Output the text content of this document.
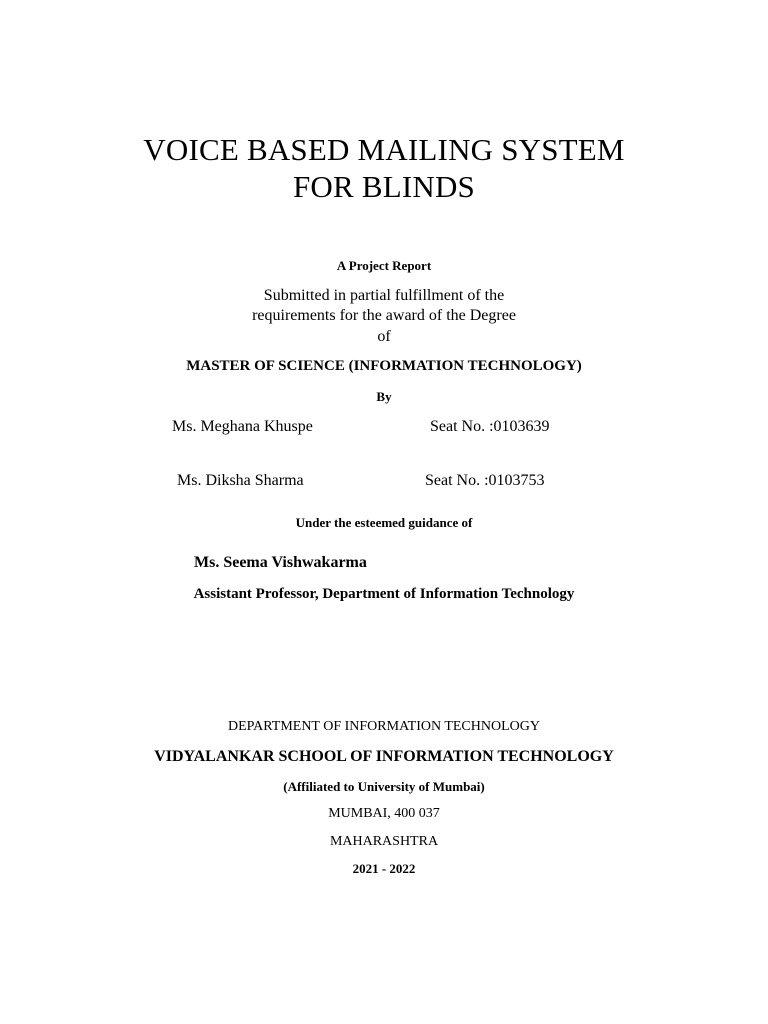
VOICE BASED MAILING SYSTEM
FOR BLINDS
A Project Report
Submitted in partial fulfillment of the
requirements for the award of the Degree
of
MASTER OF SCIENCE (INFORMATION TECHNOLOGY)
By
Ms. Meghana Khuspe	Seat No. :0103639
Ms. Diksha Sharma	Seat No. :0103753
Under the esteemed guidance of
Ms. Seema Vishwakarma
Assistant Professor, Department of Information Technology
DEPARTMENT OF INFORMATION TECHNOLOGY
VIDYALANKAR SCHOOL OF INFORMATION TECHNOLOGY
(Affiliated to University of Mumbai)
MUMBAI, 400 037
MAHARASHTRA
2021 - 2022
